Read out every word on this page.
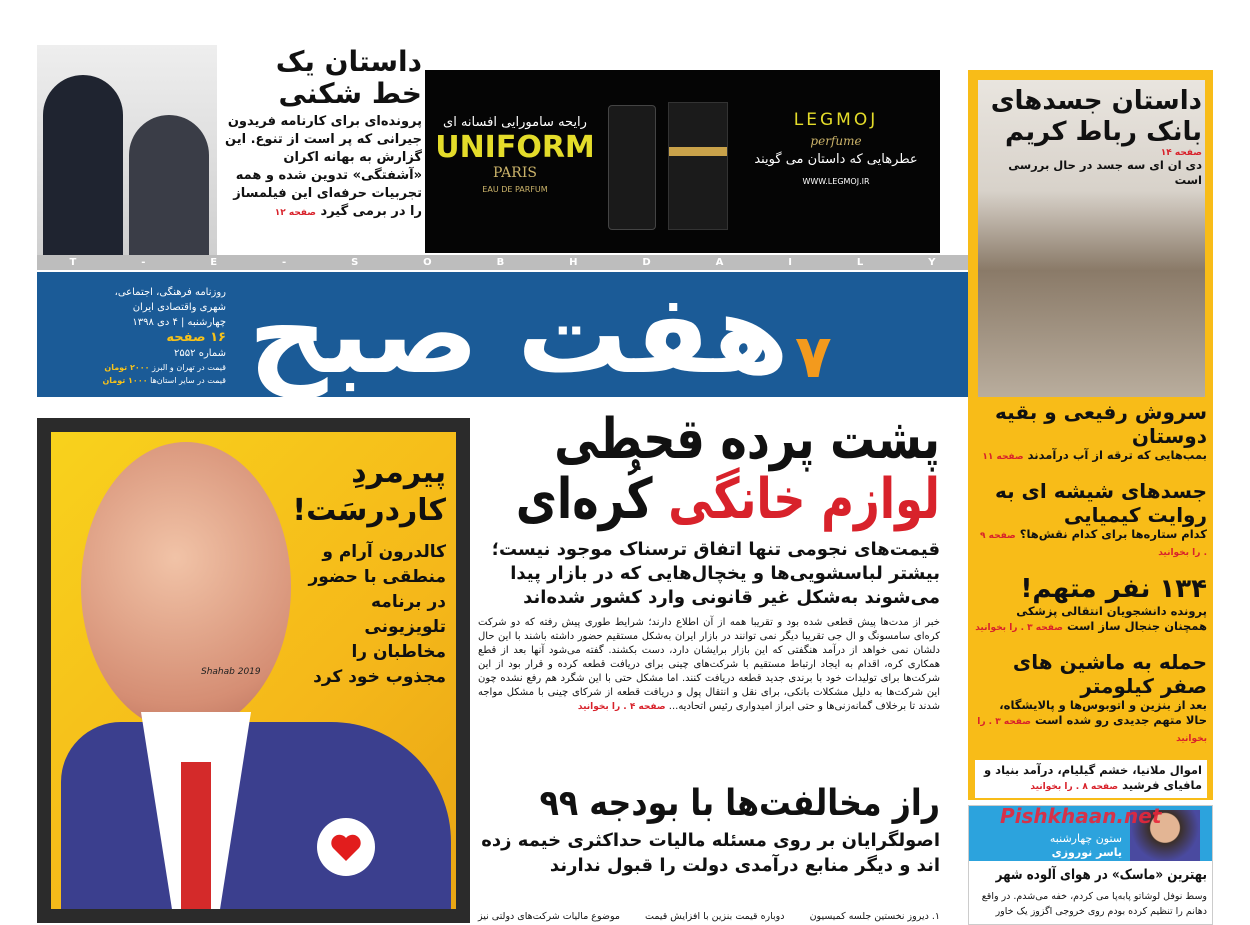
داستان یک خط شکنی
پرونده‌ای برای کارنامه فریدون جیرانی که پر است از تنوع. این گزارش به بهانه اکران «آشفتگی» تدوین شده و همه تجربیات حرفه‌ای این فیلمساز را در برمی گیرد صفحه ۱۲
رایحه سامورایی افسانه ای
UNIFORM
PARIS
EAU DE PARFUM
LEGMOJ
perfume
عطرهایی که داستان می گویند
WWW.LEGMOJ.IR
T	-	E	-	S	O	B	H	D	A	I	L	Y
هفت صبح ۷
روزنامه فرهنگی، اجتماعی،
شهری واقتصادی ایران
چهارشنبه | ۴ دی ۱۳۹۸
۱۶ صفحه
شماره ۲۵۵۲
قیمت در تهران و البرز ۲۰۰۰ تومان
قیمت در سایر استان‌ها ۱۰۰۰ تومان
داستان جسدهای بانک رباط کریم
صفحه ۱۴
دی ان ای سه جسد در حال بررسی است
سروش رفیعی و بقیه دوستان
بمب‌هایی که ترقه از آب درآمدند صفحه ۱۱
جسدهای شیشه ای به روایت کیمیایی
کدام ستاره‌ها برای کدام نقش‌ها؟ صفحه ۹ . را بخوانید
۱۳۴ نفر متهم!
پرونده دانشجویان انتقالی پزشکی همچنان جنجال ساز است صفحه ۳ . را بخوانید
حمله به ماشین های صفر کیلومتر
بعد از بنزین و اتوبوس‌ها و پالایشگاه، حالا متهم جدیدی رو شده است صفحه ۳ . را بخوانید
اموال ملانیا، خشم گیلیام، درآمد بنیاد و مافیای فرشید صفحه ۸ . را بخوانید
Shahab 2019
پیرمردِ کاردرسَت!
کالدرون آرام و منطقی با حضور در برنامه تلویزیونی مخاطبان را مجذوب خود کرد
پشت پرده قحطی
لوازم خانگی کُره‌ای
قیمت‌های نجومی تنها اتفاق ترسناک موجود نیست؛ بیشتر لباسشویی‌ها و یخچال‌هایی که در بازار پیدا می‌شوند به‌شکل غیر قانونی وارد کشور شده‌اند
خبر از مدت‌ها پیش قطعی شده بود و تقریبا همه از آن اطلاع دارند؛ شرایط طوری پیش رفته که دو شرکت کره‌ای سامسونگ و ال جی تقریبا دیگر نمی توانند در بازار ایران به‌شکل مستقیم حضور داشته باشند با این حال دلشان نمی خواهد از درآمد هنگفتی که این بازار برایشان دارد، دست بکشند. گفته می‌شود آنها بعد از قطع همکاری کره، اقدام به ایجاد ارتباط مستقیم با شرکت‌های چینی برای دریافت قطعه کرده و قرار بود از این شرکت‌ها برای تولیدات خود با برندی جدید قطعه دریافت کنند. اما مشکل حتی با این شگرد هم رفع نشده چون این شرکت‌ها به دلیل مشکلات بانکی، برای نقل و انتقال پول و دریافت قطعه از شرکای چینی با مشکل مواجه شدند تا برخلاف گمانه‌زنی‌ها و حتی ابراز امیدواری رئیس اتحادیه... صفحه ۴ . را بخوانید
راز مخالفت‌ها با بودجه ۹۹
اصولگرایان بر روی مسئله مالیات حداکثری خیمه زده اند و دیگر منابع درآمدی دولت را قبول ندارند
۱. دیروز نخستین جلسه کمیسیون
دوباره قیمت بنزین با افزایش قیمت
موضوع مالیات شرکت‌های دولتی نیز
ستون چهارشنبه
یاسر نوروزی
Pishkhaan.net
بهترین «ماسک» در هوای آلوده شهر
وسط نوفل لوشاتو پابه‌پا می کردم، خفه می‌شدم. در واقع دهانم را تنظیم کرده بودم روی خروجی اگزوز یک خاور
